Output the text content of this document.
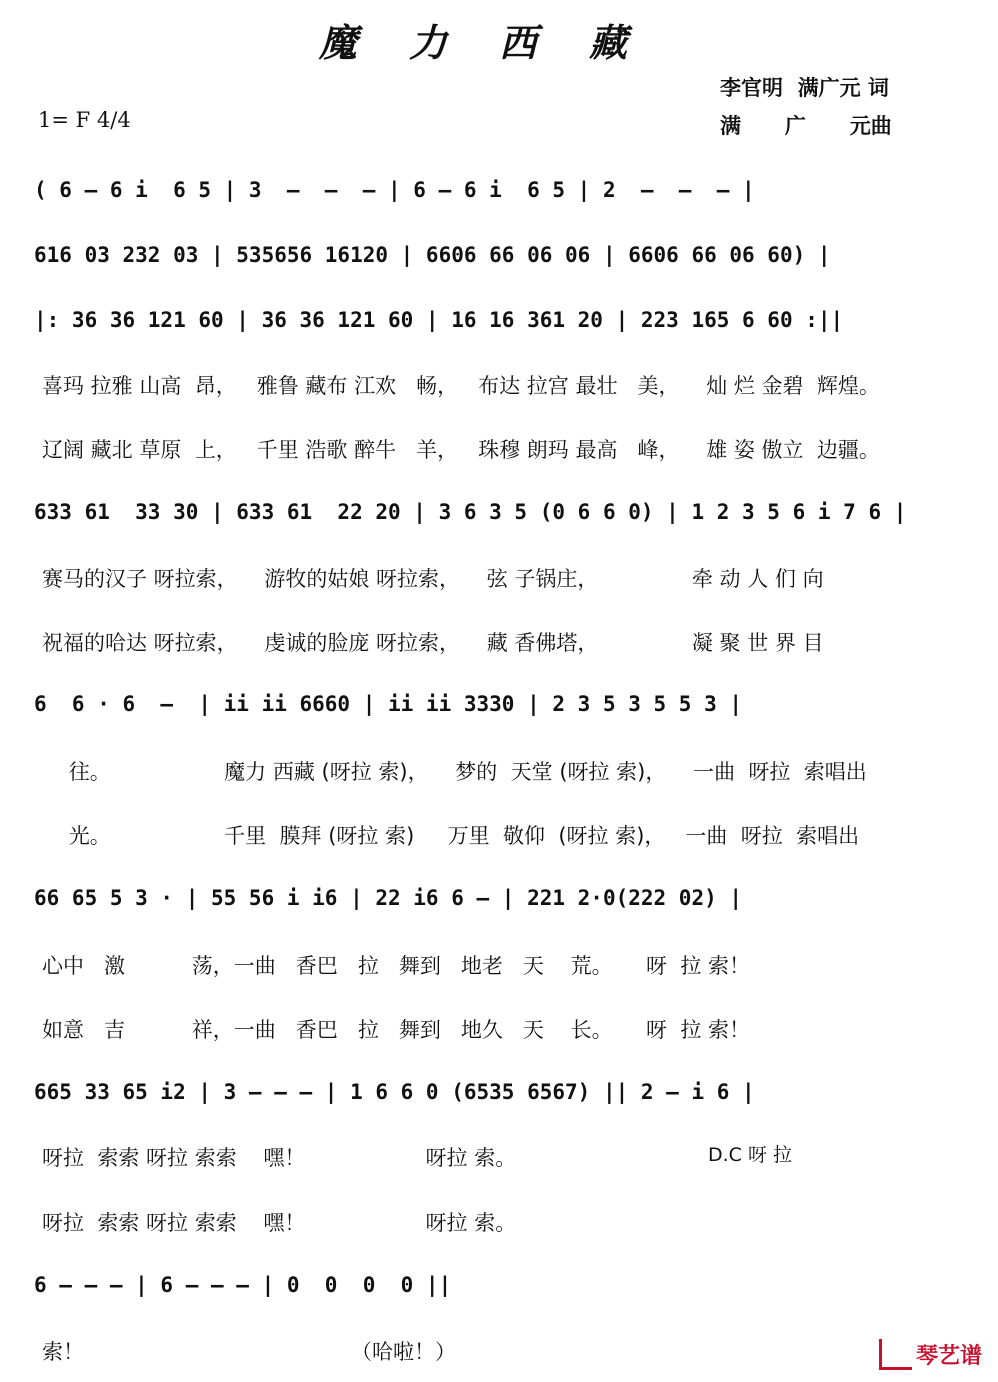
魔力西藏
李官明  满广元 词
满      广      元曲
1= F 4/4
( 6 — 6 i  6 5 | 3  —  —  — | 6 — 6 i  6 5 | 2  —  —  — |
616 03 232 03 | 535656 16120 | 6606 66 06 06 | 6606 66 06 60) |
|: 36 36 121 60 | 36 36 121 60 | 16 16 361 20 | 223 165 6 60 :||
喜玛 拉雅 山高  昂，   雅鲁 藏布 江欢   畅，   布达 拉宫 最壮   美，    灿 烂 金碧  辉煌。
辽阔 藏北 草原  上，   千里 浩歌 醉牛   羊，   珠穆 朗玛 最高   峰，    雄 姿 傲立  边疆。
633 61  33 30 | 633 61  22 20 | 3 6 3 5 (0 6 6 0) | 1 2 3 5 6 i 7 6 |
赛马的汉子 呀拉索，    游牧的姑娘 呀拉索，    弦 子锅庄，              牵 动 人 们 向
祝福的哈达 呀拉索，    虔诚的脸庞 呀拉索，    藏 香佛塔，              凝 聚 世 界 目
6  6 · 6  —  | ii ii 6660 | ii ii 3330 | 2 3 5 3 5 5 3 |
往。                 魔力 西藏 (呀拉 索)，    梦的  天堂 (呀拉 索)，    一曲  呀拉  索唱出
光。                 千里  膜拜 (呀拉 索)     万里  敬仰  (呀拉 索)，   一曲  呀拉  索唱出
66 65 5 3 · | 55 56 i i6 | 22 i6 6 — | 221 2·0(222 02) |
心中   激          荡，一曲   香巴   拉   舞到   地老   天    荒。     呀  拉 索！
如意   吉          祥，一曲   香巴   拉   舞到   地久   天    长。     呀  拉 索！
665 33 65 i2 | 3 — — — | 1 6 6 0 (6535 6567) || 2 — i 6 |
呀拉  索索 呀拉 索索    嘿！                  呀拉 索。	D.C 呀 拉
呀拉  索索 呀拉 索索    嘿！                  呀拉 索。
6 — — — | 6 — — — | 0  0  0  0 ||
索！                                        （哈啦！）	琴艺谱
